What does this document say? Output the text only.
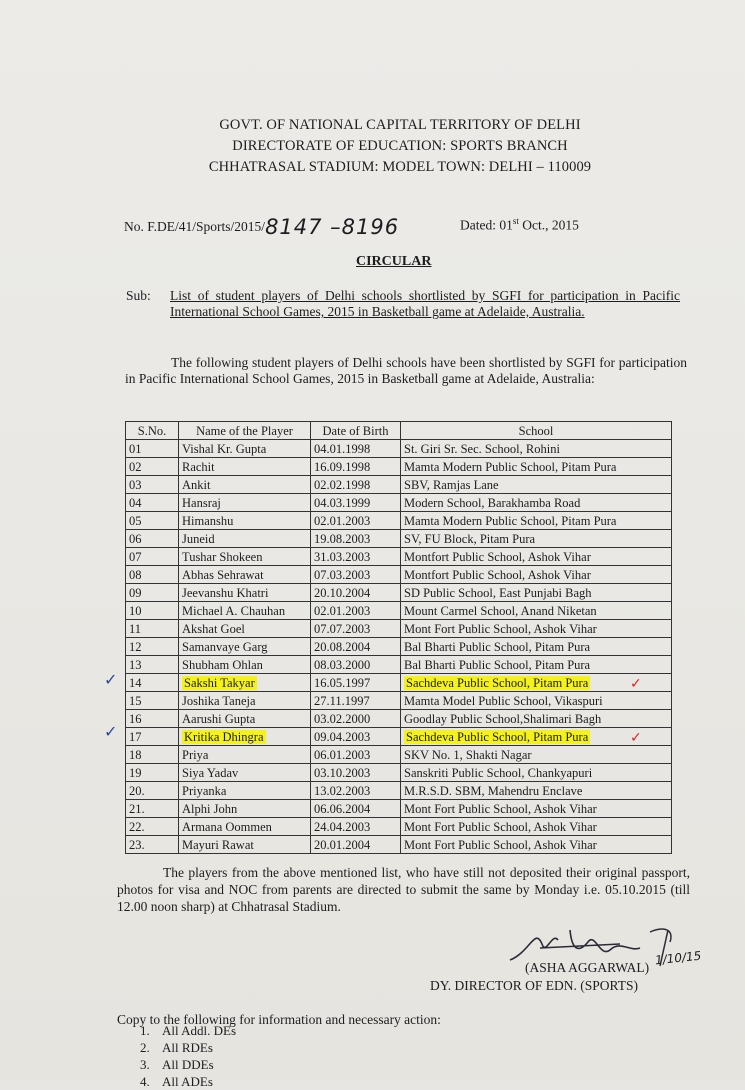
GOVT. OF NATIONAL CAPITAL TERRITORY OF DELHI
DIRECTORATE OF EDUCATION: SPORTS BRANCH
CHHATRASAL STADIUM: MODEL TOWN: DELHI – 110009
No. F.DE/41/Sports/2015/8147 –8196	Dated: 01st Oct., 2015
CIRCULAR
Sub: List of student players of Delhi schools shortlisted by SGFI for participation in Pacific International School Games, 2015 in Basketball game at Adelaide, Australia.
The following student players of Delhi schools have been shortlisted by SGFI for participation in Pacific International School Games, 2015 in Basketball game at Adelaide, Australia:
S.No.	Name of the Player	Date of Birth	School
01	Vishal Kr. Gupta	04.01.1998	St. Giri Sr. Sec. School, Rohini
02	Rachit	16.09.1998	Mamta Modern Public School, Pitam Pura
03	Ankit	02.02.1998	SBV, Ramjas Lane
04	Hansraj	04.03.1999	Modern School, Barakhamba Road
05	Himanshu	02.01.2003	Mamta Modern Public School, Pitam Pura
06	Juneid	19.08.2003	SV, FU Block, Pitam Pura
07	Tushar Shokeen	31.03.2003	Montfort Public School, Ashok Vihar
08	Abhas Sehrawat	07.03.2003	Montfort Public School, Ashok Vihar
09	Jeevanshu Khatri	20.10.2004	SD Public School, East Punjabi Bagh
10	Michael A. Chauhan	02.01.2003	Mount Carmel School, Anand Niketan
11	Akshat Goel	07.07.2003	Mont Fort Public School, Ashok Vihar
12	Samanvaye Garg	20.08.2004	Bal Bharti Public School, Pitam Pura
13	Shubham Ohlan	08.03.2000	Bal Bharti Public School, Pitam Pura
14	Sakshi Takyar	16.05.1997	Sachdeva Public School, Pitam Pura
15	Joshika Taneja	27.11.1997	Mamta Model Public School, Vikaspuri
16	Aarushi Gupta	03.02.2000	Goodlay Public School,Shalimari Bagh
17	Kritika Dhingra	09.04.2003	Sachdeva Public School, Pitam Pura
18	Priya	06.01.2003	SKV No. 1, Shakti Nagar
19	Siya Yadav	03.10.2003	Sanskriti Public School, Chankyapuri
20.	Priyanka	13.02.2003	M.R.S.D. SBM, Mahendru Enclave
21.	Alphi John	06.06.2004	Mont Fort Public School, Ashok Vihar
22.	Armana Oommen	24.04.2003	Mont Fort Public School, Ashok Vihar
23.	Mayuri Rawat	20.01.2004	Mont Fort Public School, Ashok Vihar
✓
✓
✓
✓
The players from the above mentioned list, who have still not deposited their original passport, photos for visa and NOC from parents are directed to submit the same by Monday i.e. 05.10.2015 (till 12.00 noon sharp) at Chhatrasal Stadium.
1/10/15
(ASHA AGGARWAL)
DY. DIRECTOR OF EDN. (SPORTS)
Copy to the following for information and necessary action:
1. All Addl. DEs
2. All RDEs
3. All DDEs
4. All ADEs
